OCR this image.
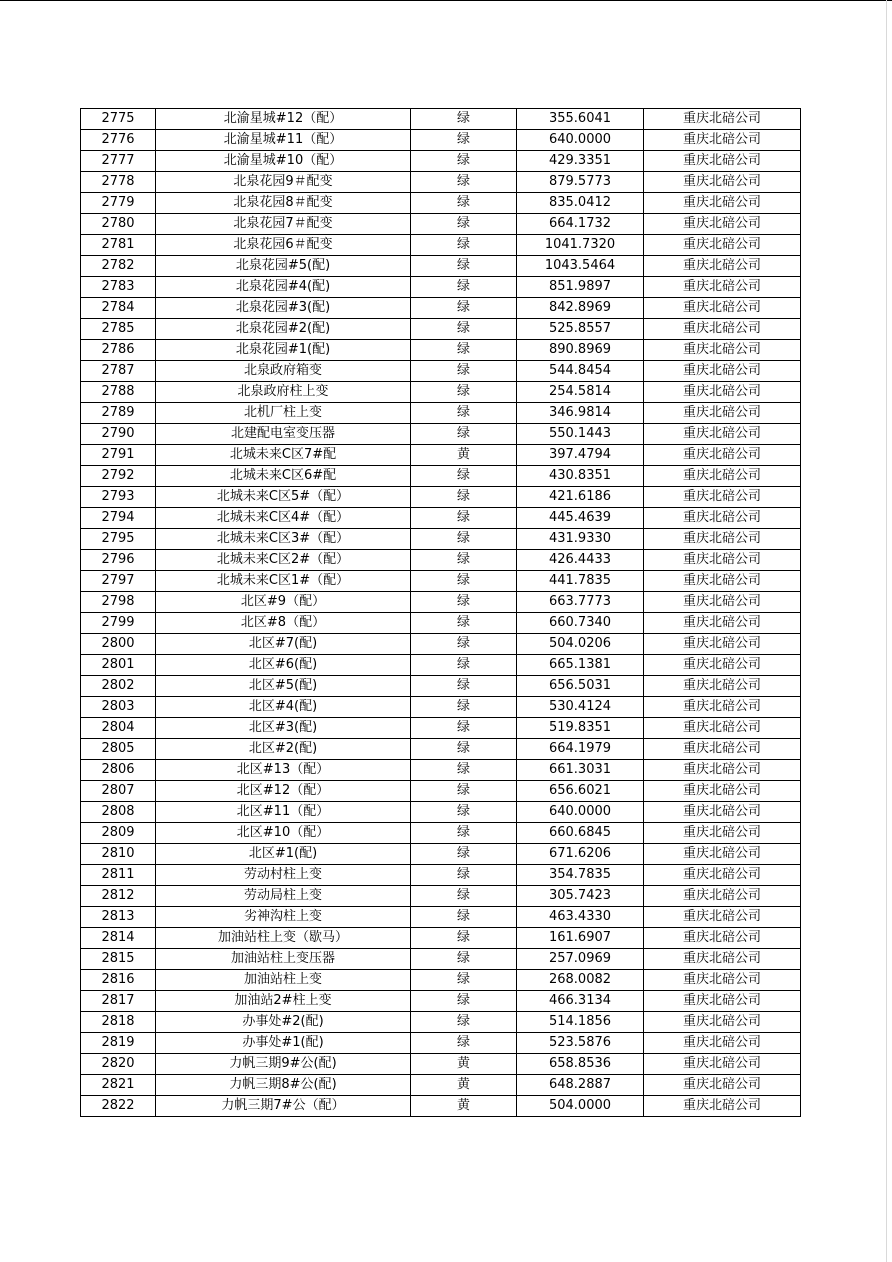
2775	北渝星城#12（配）	绿	355.6041	重庆北碚公司
2776	北渝星城#11（配）	绿	640.0000	重庆北碚公司
2777	北渝星城#10（配）	绿	429.3351	重庆北碚公司
2778	北泉花园9＃配变	绿	879.5773	重庆北碚公司
2779	北泉花园8＃配变	绿	835.0412	重庆北碚公司
2780	北泉花园7＃配变	绿	664.1732	重庆北碚公司
2781	北泉花园6＃配变	绿	1041.7320	重庆北碚公司
2782	北泉花园#5(配)	绿	1043.5464	重庆北碚公司
2783	北泉花园#4(配)	绿	851.9897	重庆北碚公司
2784	北泉花园#3(配)	绿	842.8969	重庆北碚公司
2785	北泉花园#2(配)	绿	525.8557	重庆北碚公司
2786	北泉花园#1(配)	绿	890.8969	重庆北碚公司
2787	北泉政府箱变	绿	544.8454	重庆北碚公司
2788	北泉政府柱上变	绿	254.5814	重庆北碚公司
2789	北机厂柱上变	绿	346.9814	重庆北碚公司
2790	北建配电室变压器	绿	550.1443	重庆北碚公司
2791	北城未来C区7#配	黄	397.4794	重庆北碚公司
2792	北城未来C区6#配	绿	430.8351	重庆北碚公司
2793	北城未来C区5#（配）	绿	421.6186	重庆北碚公司
2794	北城未来C区4#（配）	绿	445.4639	重庆北碚公司
2795	北城未来C区3#（配）	绿	431.9330	重庆北碚公司
2796	北城未来C区2#（配）	绿	426.4433	重庆北碚公司
2797	北城未来C区1#（配）	绿	441.7835	重庆北碚公司
2798	北区#9（配）	绿	663.7773	重庆北碚公司
2799	北区#8（配）	绿	660.7340	重庆北碚公司
2800	北区#7(配)	绿	504.0206	重庆北碚公司
2801	北区#6(配)	绿	665.1381	重庆北碚公司
2802	北区#5(配)	绿	656.5031	重庆北碚公司
2803	北区#4(配)	绿	530.4124	重庆北碚公司
2804	北区#3(配)	绿	519.8351	重庆北碚公司
2805	北区#2(配)	绿	664.1979	重庆北碚公司
2806	北区#13（配）	绿	661.3031	重庆北碚公司
2807	北区#12（配）	绿	656.6021	重庆北碚公司
2808	北区#11（配）	绿	640.0000	重庆北碚公司
2809	北区#10（配）	绿	660.6845	重庆北碚公司
2810	北区#1(配)	绿	671.6206	重庆北碚公司
2811	劳动村柱上变	绿	354.7835	重庆北碚公司
2812	劳动局柱上变	绿	305.7423	重庆北碚公司
2813	劣神沟柱上变	绿	463.4330	重庆北碚公司
2814	加油站柱上变（歇马）	绿	161.6907	重庆北碚公司
2815	加油站柱上变压器	绿	257.0969	重庆北碚公司
2816	加油站柱上变	绿	268.0082	重庆北碚公司
2817	加油站2#柱上变	绿	466.3134	重庆北碚公司
2818	办事处#2(配)	绿	514.1856	重庆北碚公司
2819	办事处#1(配)	绿	523.5876	重庆北碚公司
2820	力帆三期9#公(配)	黄	658.8536	重庆北碚公司
2821	力帆三期8#公(配)	黄	648.2887	重庆北碚公司
2822	力帆三期7#公（配）	黄	504.0000	重庆北碚公司
